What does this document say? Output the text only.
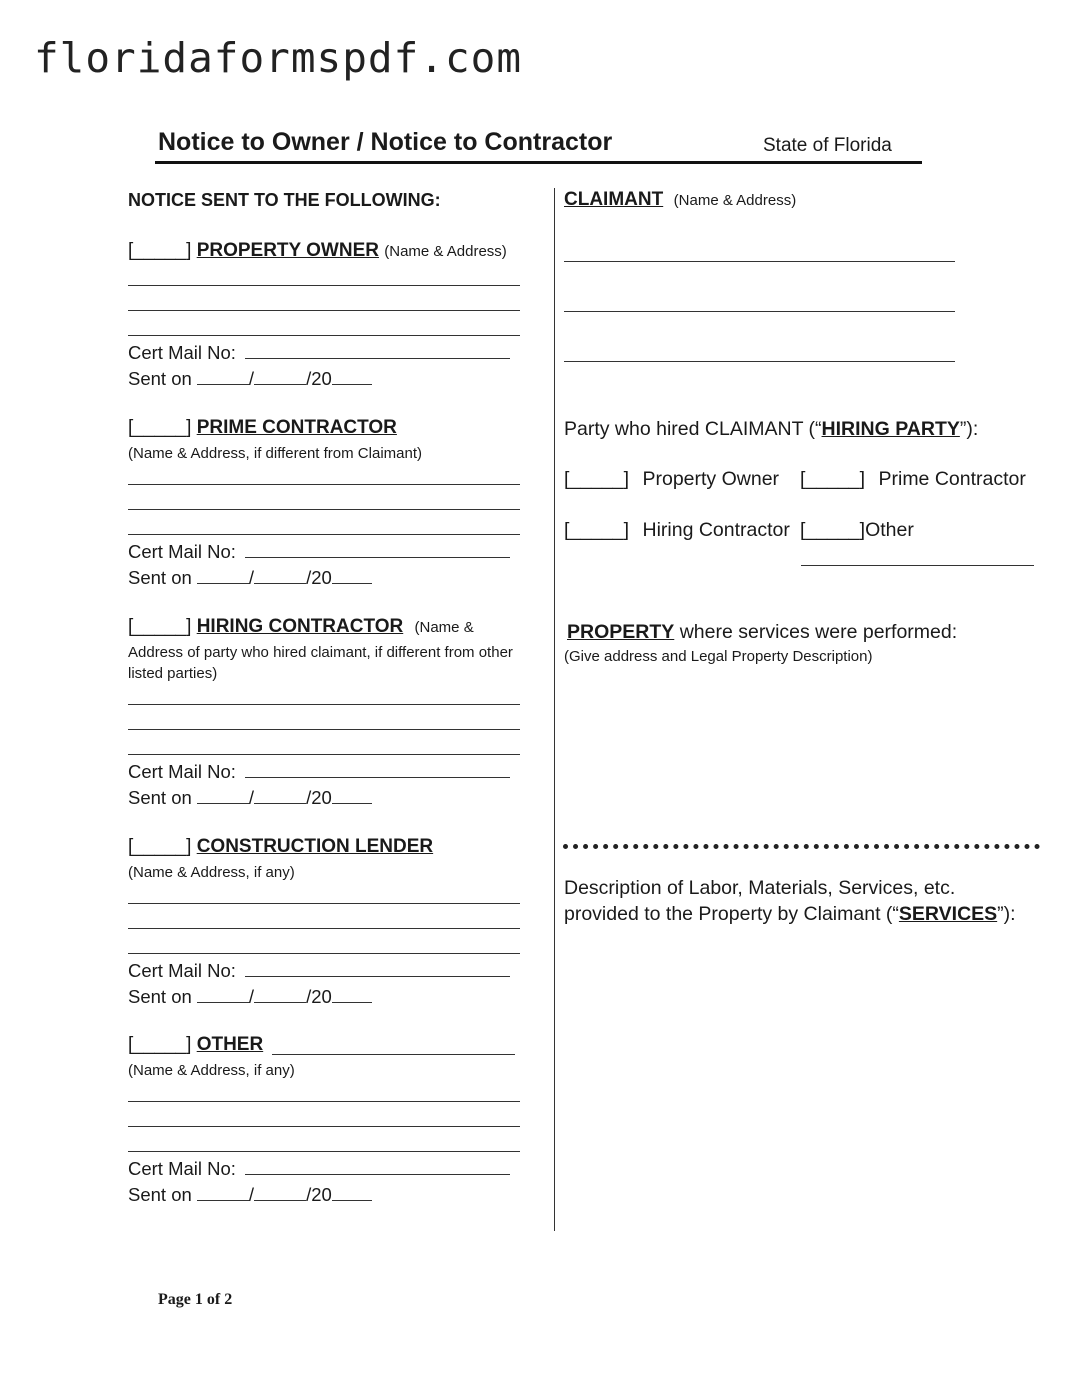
floridaformspdf.com
Notice to Owner / Notice to Contractor	State of Florida
NOTICE SENT TO THE FOLLOWING:
[_____] PROPERTY OWNER (Name & Address)
Cert Mail No:
Sent on	/	/20
[_____] PRIME CONTRACTOR
(Name & Address, if different from Claimant)
Cert Mail No:
Sent on	/	/20
[_____] HIRING CONTRACTOR (Name &
Address of party who hired claimant, if different from other listed parties)
Cert Mail No:
Sent on	/	/20
[_____] CONSTRUCTION LENDER
(Name & Address, if any)
Cert Mail No:
Sent on	/	/20
[_____] OTHER
(Name & Address, if any)
Cert Mail No:
Sent on	/	/20
CLAIMANT (Name & Address)
Party who hired CLAIMANT (“HIRING PARTY”):
[_____] Property Owner [_____] Prime Contractor
[_____] Hiring Contractor [_____]Other
PROPERTY where services were performed:
(Give address and Legal Property Description)
Description of Labor, Materials, Services, etc.
provided to the Property by Claimant (“SERVICES”):
Page 1 of 2
